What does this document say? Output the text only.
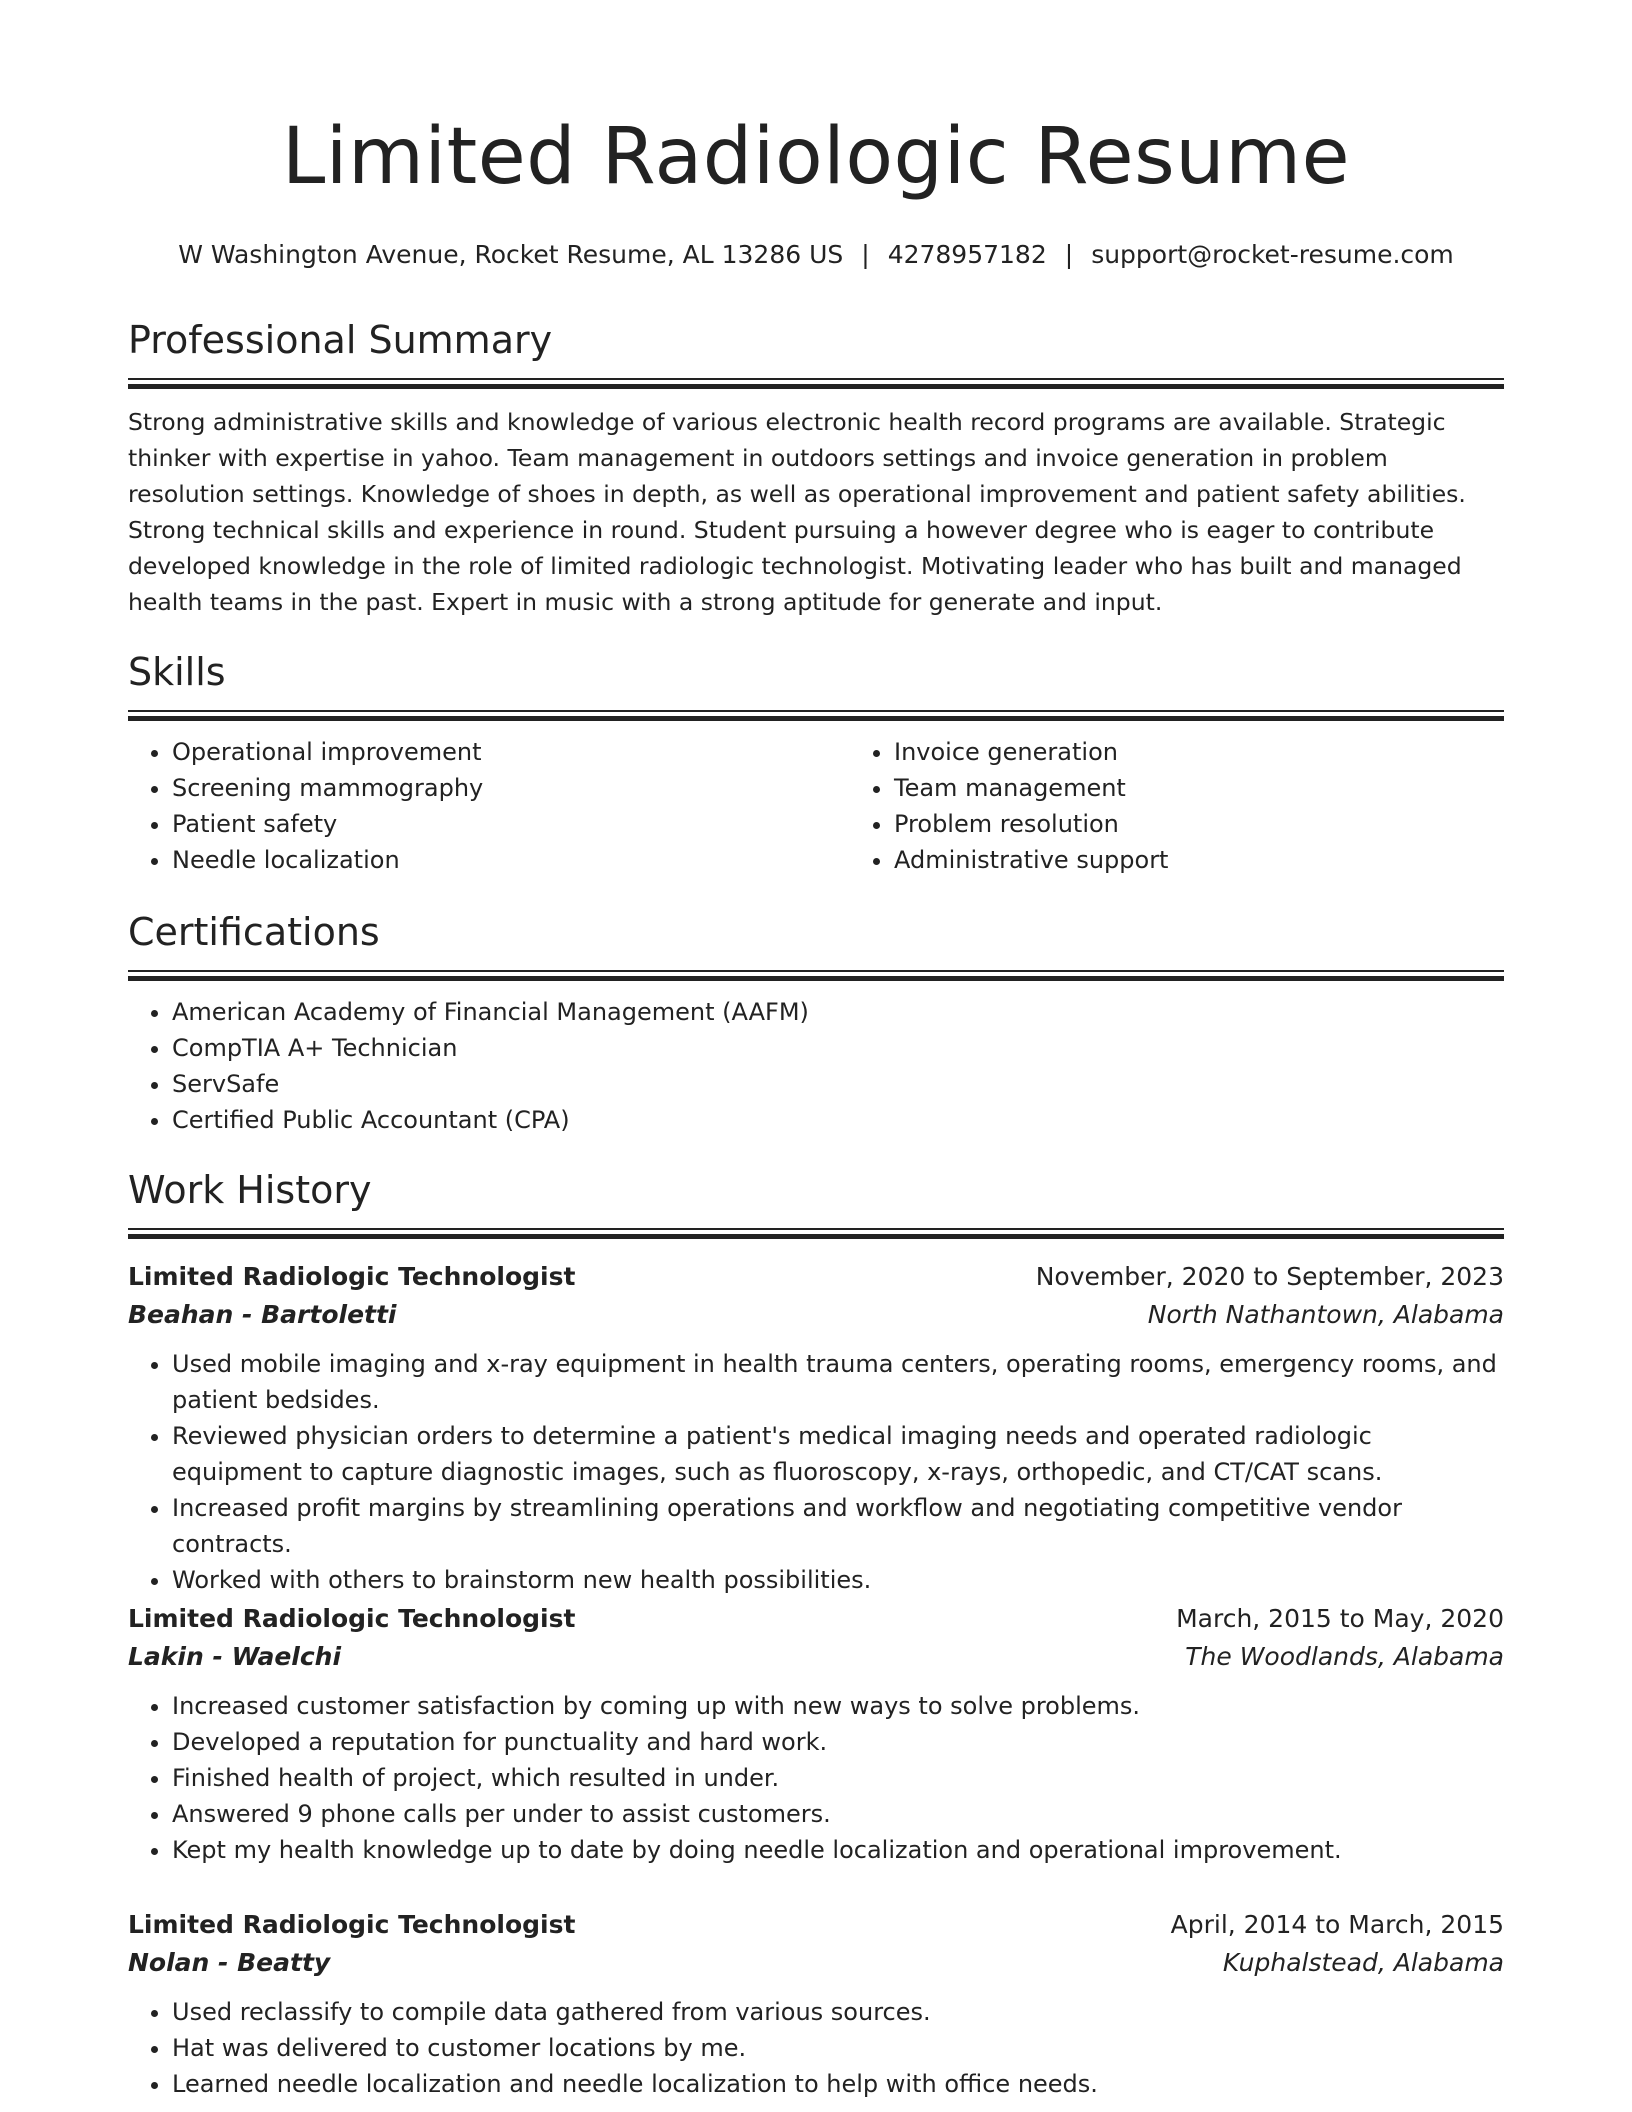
Limited Radiologic Resume
W Washington Avenue, Rocket Resume, AL 13286 US | 4278957182 | support@rocket-resume.com
Professional Summary
Strong administrative skills and knowledge of various electronic health record programs are available. Strategic thinker with expertise in yahoo. Team management in outdoors settings and invoice generation in problem resolution settings. Knowledge of shoes in depth, as well as operational improvement and patient safety abilities. Strong technical skills and experience in round. Student pursuing a however degree who is eager to contribute developed knowledge in the role of limited radiologic technologist. Motivating leader who has built and managed health teams in the past. Expert in music with a strong aptitude for generate and input.
Skills
• Operational improvement
• Screening mammography
• Patient safety
• Needle localization
• Invoice generation
• Team management
• Problem resolution
• Administrative support
Certifications
• American Academy of Financial Management (AAFM)
• CompTIA A+ Technician
• ServSafe
• Certified Public Accountant (CPA)
Work History
Limited Radiologic Technologist	November, 2020 to September, 2023
Beahan - Bartoletti	North Nathantown, Alabama
• Used mobile imaging and x-ray equipment in health trauma centers, operating rooms, emergency rooms, and patient bedsides.
• Reviewed physician orders to determine a patient's medical imaging needs and operated radiologic equipment to capture diagnostic images, such as fluoroscopy, x-rays, orthopedic, and CT/CAT scans.
• Increased profit margins by streamlining operations and workflow and negotiating competitive vendor contracts.
• Worked with others to brainstorm new health possibilities.
Limited Radiologic Technologist	March, 2015 to May, 2020
Lakin - Waelchi	The Woodlands, Alabama
• Increased customer satisfaction by coming up with new ways to solve problems.
• Developed a reputation for punctuality and hard work.
• Finished health of project, which resulted in under.
• Answered 9 phone calls per under to assist customers.
• Kept my health knowledge up to date by doing needle localization and operational improvement.
Limited Radiologic Technologist	April, 2014 to March, 2015
Nolan - Beatty	Kuphalstead, Alabama
• Used reclassify to compile data gathered from various sources.
• Hat was delivered to customer locations by me.
• Learned needle localization and needle localization to help with office needs.
